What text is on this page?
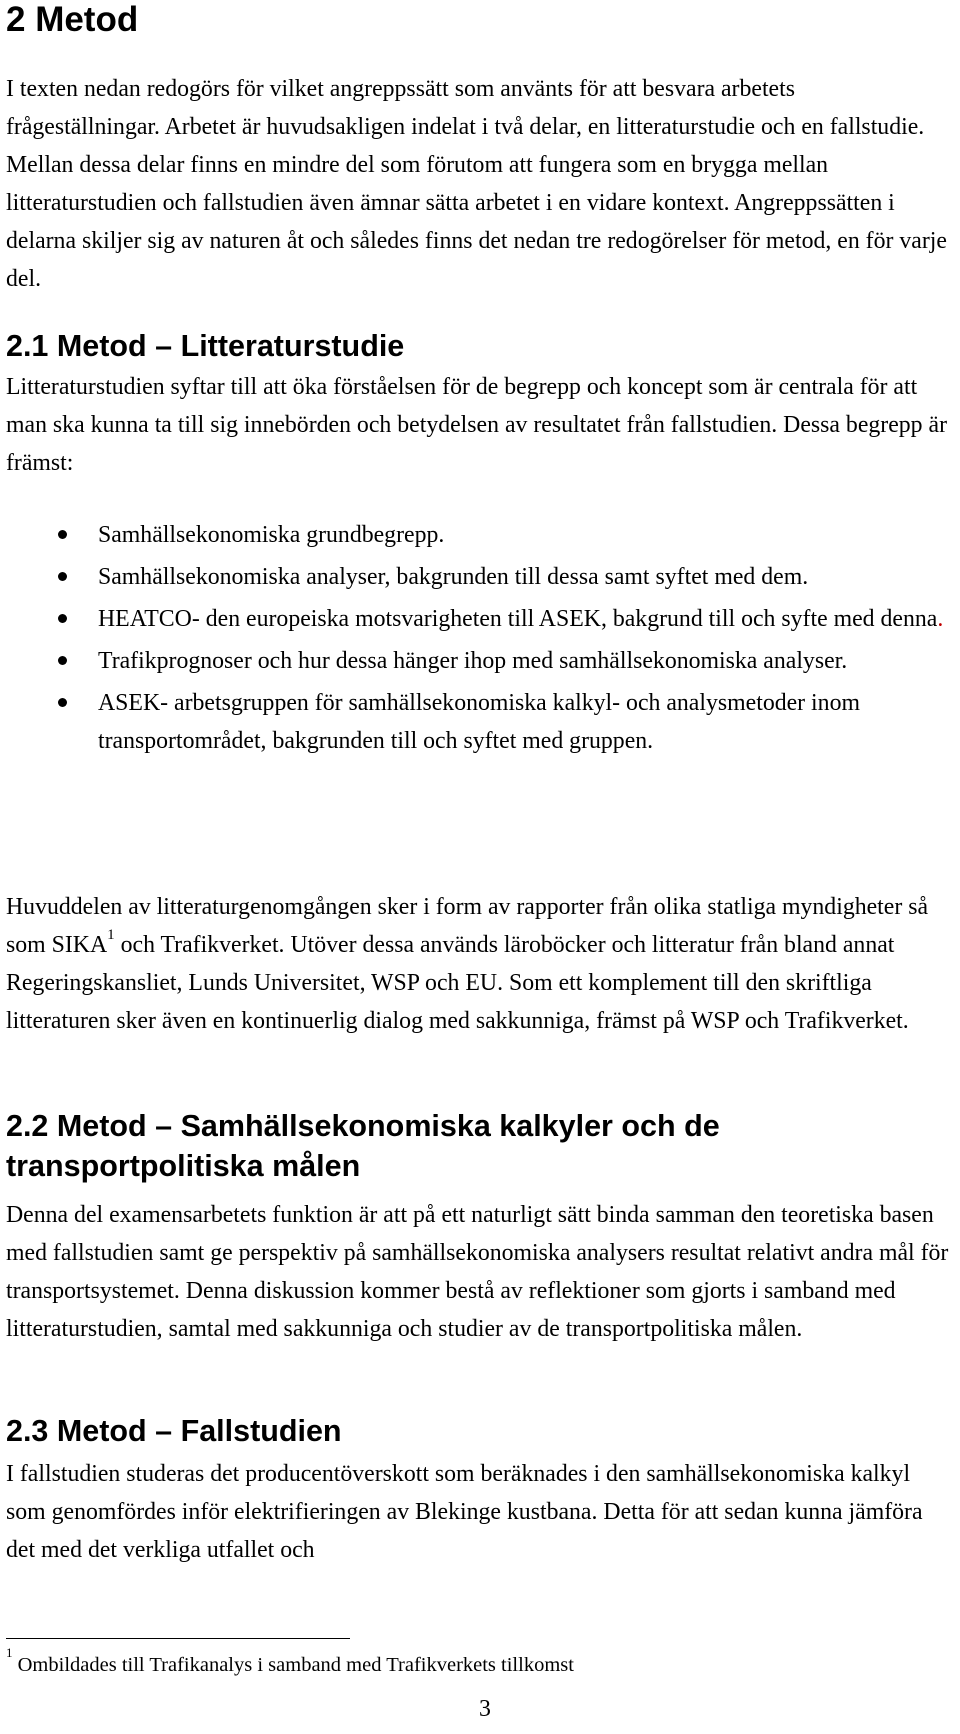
2 Metod

I texten nedan redogörs för vilket angreppssätt som använts för att besvara arbetets frågeställningar. Arbetet är huvudsakligen indelat i två delar, en litteraturstudie och en fallstudie. Mellan dessa delar finns en mindre del som förutom att fungera som en brygga mellan litteraturstudien och fallstudien även ämnar sätta arbetet i en vidare kontext. Angreppssätten i delarna skiljer sig av naturen åt och således finns det nedan tre redogörelser för metod, en för varje del.

2.1 Metod – Litteraturstudie

Litteraturstudien syftar till att öka förståelsen för de begrepp och koncept som är centrala för att man ska kunna ta till sig innebörden och betydelsen av resultatet från fallstudien. Dessa begrepp är främst:

Samhällsekonomiska grundbegrepp.
Samhällsekonomiska analyser, bakgrunden till dessa samt syftet med dem.
HEATCO- den europeiska motsvarigheten till ASEK, bakgrund till och syfte med denna.
Trafikprognoser och hur dessa hänger ihop med samhällsekonomiska analyser.
ASEK- arbetsgruppen för samhällsekonomiska kalkyl- och analysmetoder inom transportområdet, bakgrunden till och syftet med gruppen.

Huvuddelen av litteraturgenomgången sker i form av rapporter från olika statliga myndigheter så som SIKA$^1$ och Trafikverket. Utöver dessa används läroböcker och litteratur från bland annat Regeringskansliet, Lunds Universitet, WSP och EU. Som ett komplement till den skriftliga litteraturen sker även en kontinuerlig dialog med sakkunniga, främst på WSP och Trafikverket.

2.2 Metod – Samhällsekonomiska kalkyler och de transportpolitiska målen

Denna del examensarbetets funktion är att på ett naturligt sätt binda samman den teoretiska basen med fallstudien samt ge perspektiv på samhällsekonomiska analysers resultat relativt andra mål för transportsystemet. Denna diskussion kommer bestå av reflektioner som gjorts i samband med litteraturstudien, samtal med sakkunniga och studier av de transportpolitiska målen.

2.3 Metod – Fallstudien

I fallstudien studeras det producentöverskott som beräknades i den samhällsekonomiska kalkyl som genomfördes inför elektrifieringen av Blekinge kustbana. Detta för att sedan kunna jämföra det med det verkliga utfallet och

$^1$ Ombildades till Trafikanalys i samband med Trafikverkets tillkomst
3
